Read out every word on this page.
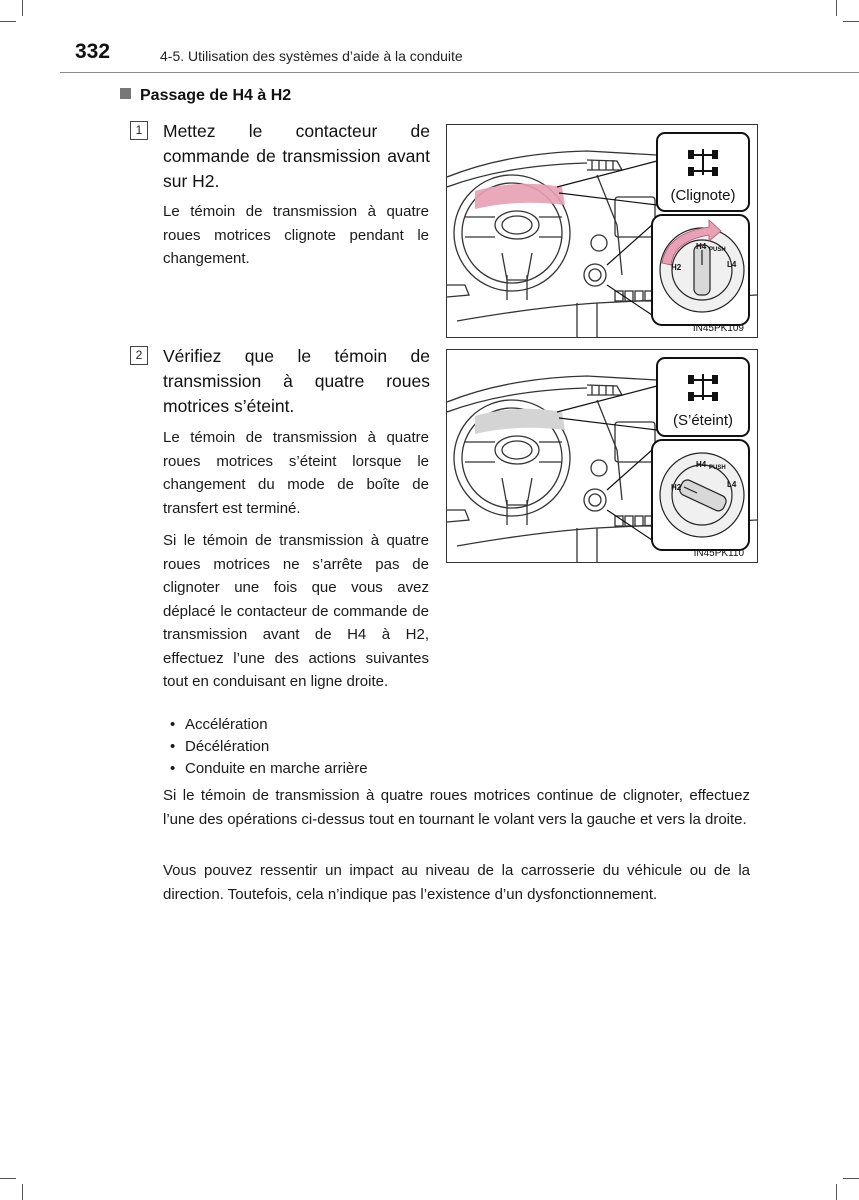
332	4-5. Utilisation des systèmes d’aide à la conduite
Passage de H4 à H2
1	Mettez le contacteur de commande de transmission avant sur H2.

Le témoin de transmission à quatre roues motrices clignote pendant le changement.

(Clignote)
H2
H4 PUSH
L4
IN45PK109
2	Vérifiez que le témoin de transmission à quatre roues motrices s’éteint.

Le témoin de transmission à quatre roues motrices s’éteint lorsque le changement du mode de boîte de transfert est terminé.

Si le témoin de transmission à quatre roues motrices ne s’arrête pas de clignoter une fois que vous avez déplacé le contacteur de commande de transmission avant de H4 à H2, effectuez l’une des actions suivantes tout en conduisant en ligne droite.

(S’éteint)
H2
H4 PUSH
L4
IN45PK110
• Accélération
• Décélération
• Conduite en marche arrière

Si le témoin de transmission à quatre roues motrices continue de clignoter, effectuez l’une des opérations ci-dessus tout en tournant le volant vers la gauche et vers la droite.

Vous pouvez ressentir un impact au niveau de la carrosserie du véhicule ou de la direction. Toutefois, cela n’indique pas l’existence d’un dysfonctionnement.
